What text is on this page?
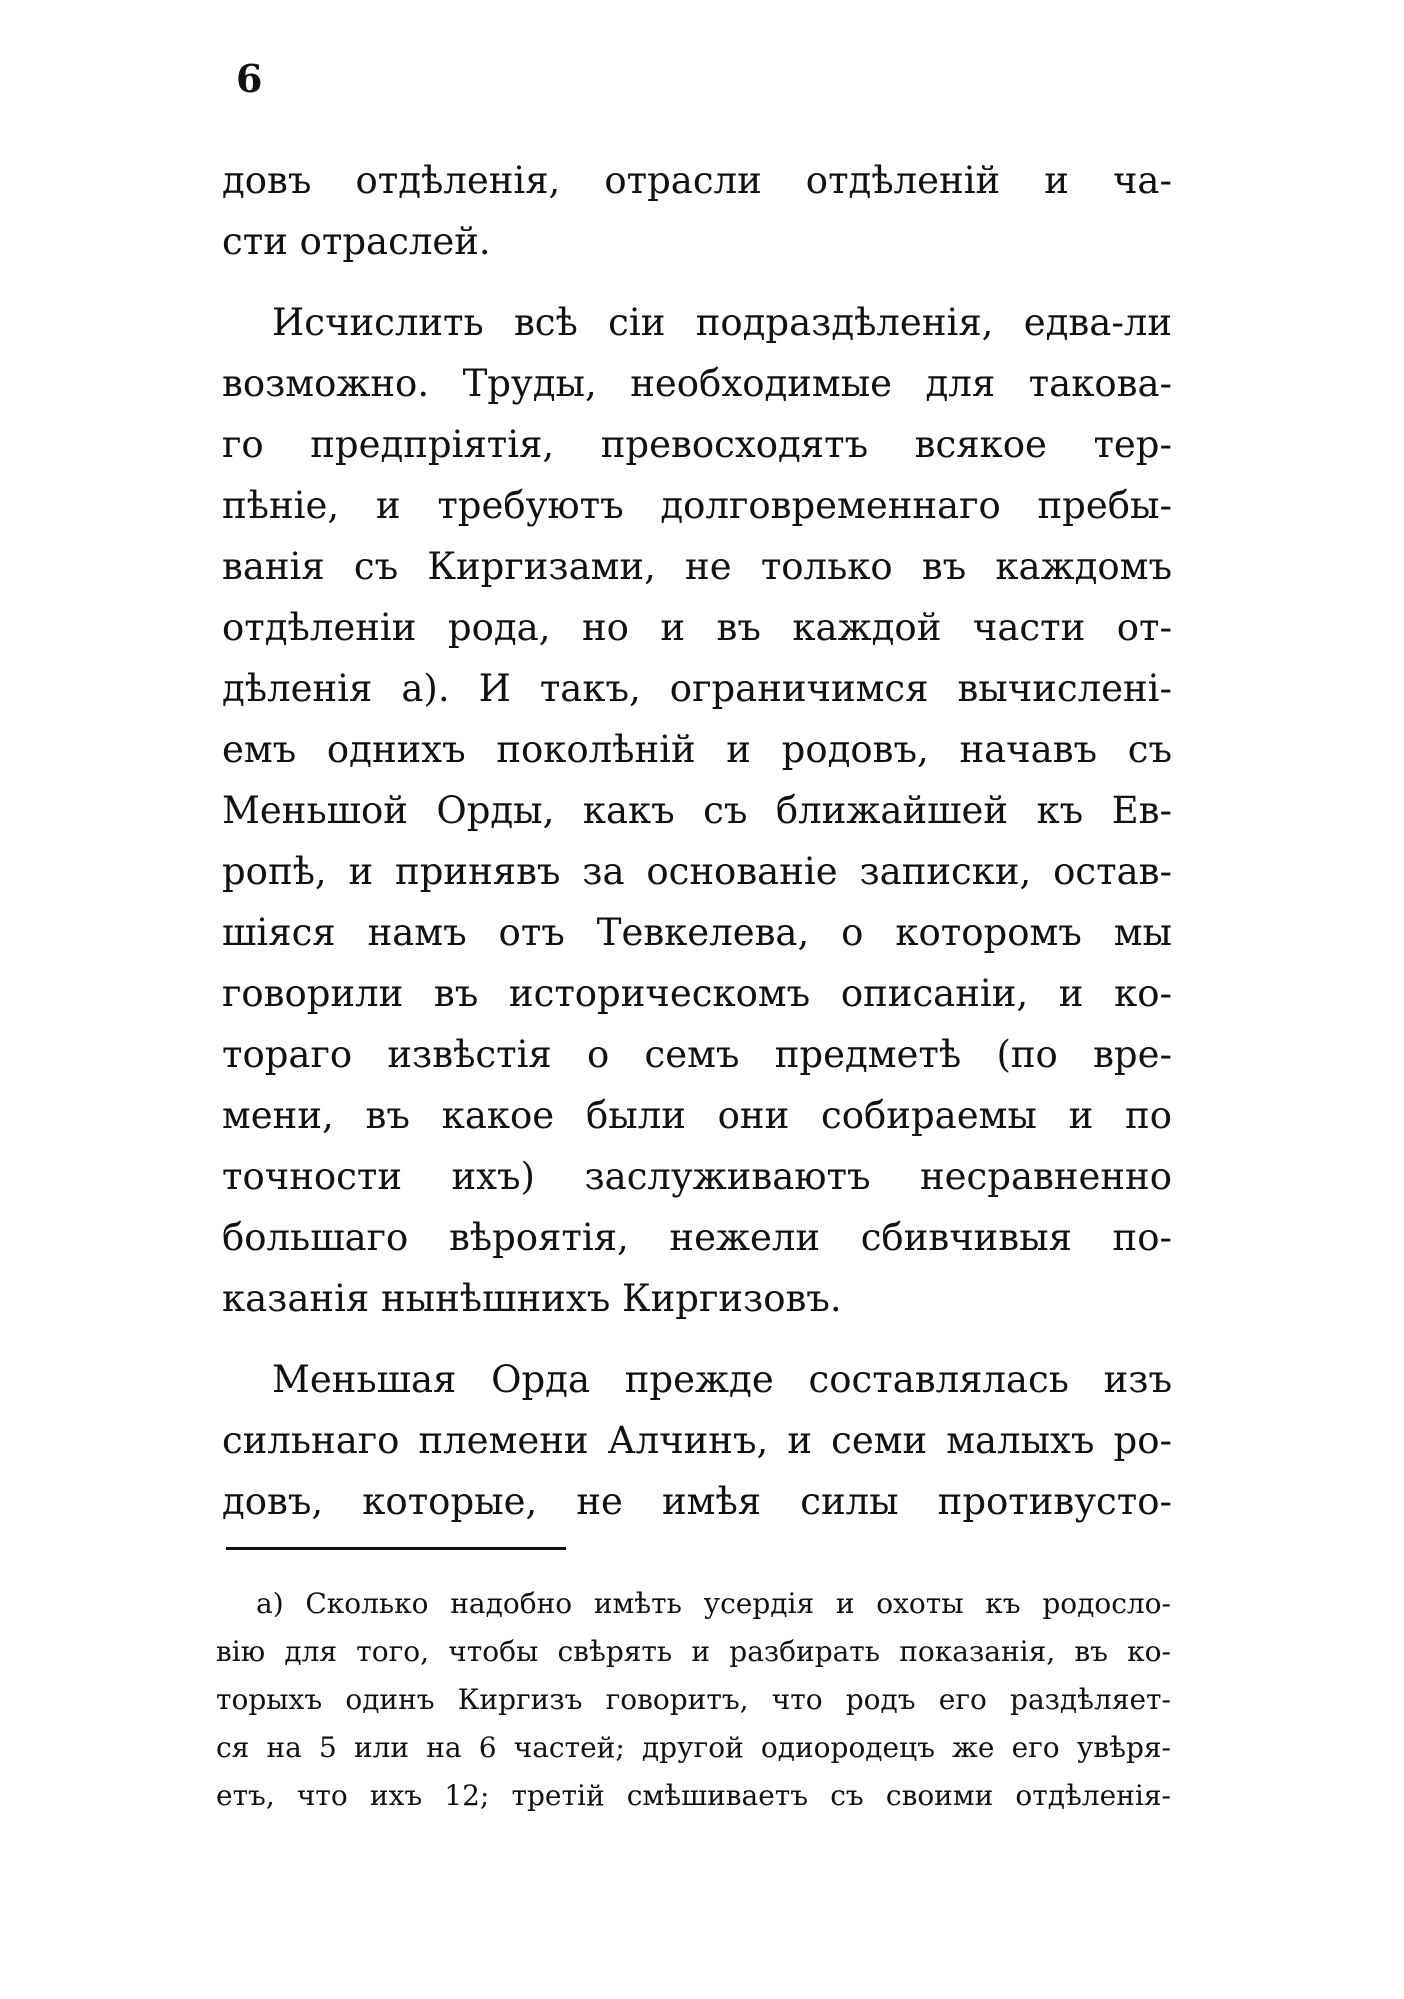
6
довъ отдѣленія, отрасли отдѣленій и ча-
сти отраслей.
Исчислить всѣ сіи подраздѣленія, едва-ли
возможно. Труды, необходимые для такова-
го предпріятія, превосходятъ всякое тер-
пѣніе, и требуютъ долговременнаго пребы-
ванія съ Киргизами, не только въ каждомъ
отдѣленіи рода, но и въ каждой части от-
дѣленія a). И такъ, ограничимся вычисленi-
емъ однихъ поколѣній и родовъ, начавъ съ
Меньшой Орды, какъ съ ближайшей къ Ев-
ропѣ, и принявъ за основаніе записки, остав-
шіяся намъ отъ Тевкелева, о которомъ мы
говорили въ историческомъ описаніи, и ко-
тораго извѣстія о семъ предметѣ (по вре-
мени, въ какое были они собираемы и по
точности ихъ) заслуживаютъ несравненно
большаго вѣроятія, нежели сбивчивыя по-
казанія нынѣшнихъ Киргизовъ.
Меньшая Орда прежде составлялась изъ
сильнаго племени Алчинъ, и семи малыхъ ро-
довъ, которые, не имѣя силы противусто-
a) Сколько надобно имѣть усердія и охоты къ родосло-
вію для того, чтобы свѣрять и разбирать показанія, въ ко-
торыхъ одинъ Киргизъ говоритъ, что родъ его раздѣляет-
ся на 5 или на 6 частей; другой одиородецъ же его увѣря-
етъ, что ихъ 12; третій смѣшиваетъ съ своими отдѣленія-
